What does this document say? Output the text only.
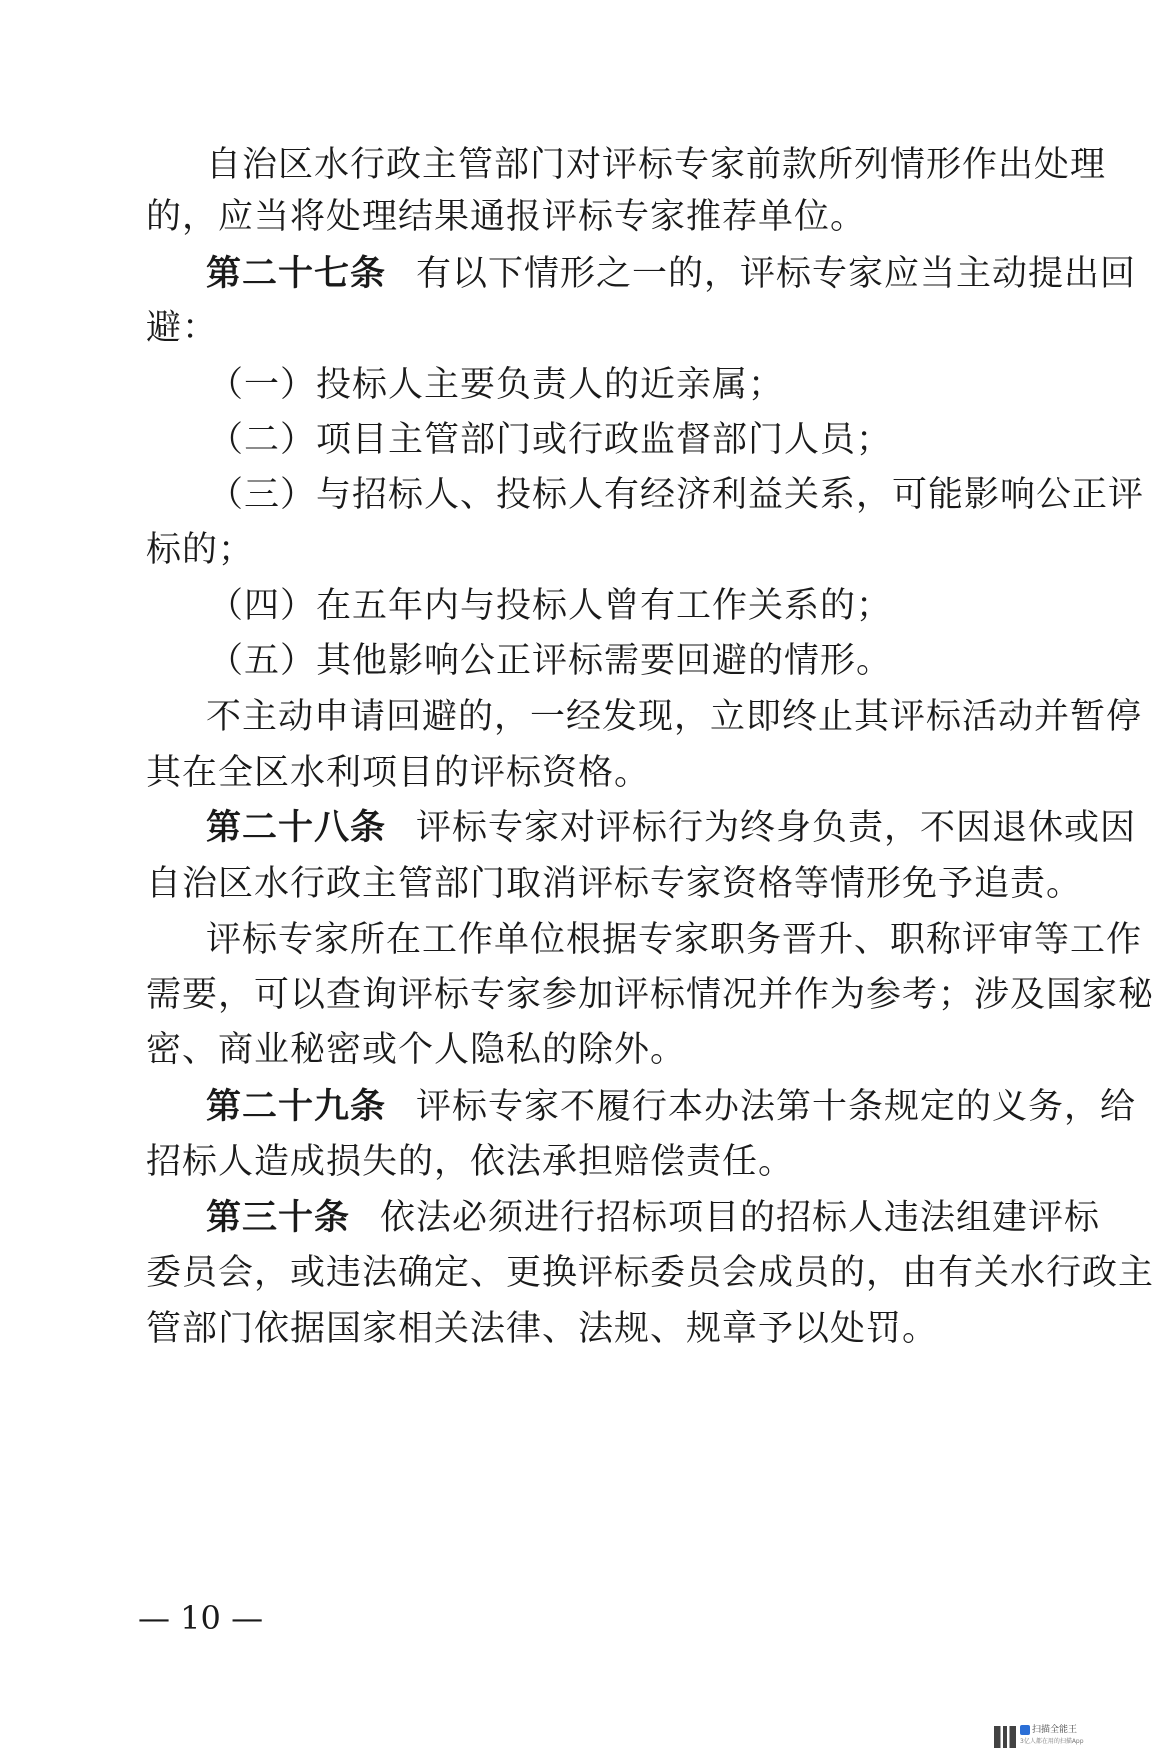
自治区水行政主管部门对评标专家前款所列情形作出处理
的，应当将处理结果通报评标专家推荐单位。
第二十七条 有以下情形之一的，评标专家应当主动提出回
避：
（一）投标人主要负责人的近亲属；
（二）项目主管部门或行政监督部门人员；
（三）与招标人、投标人有经济利益关系，可能影响公正评
标的；
（四）在五年内与投标人曾有工作关系的；
（五）其他影响公正评标需要回避的情形。
不主动申请回避的，一经发现，立即终止其评标活动并暂停
其在全区水利项目的评标资格。
第二十八条 评标专家对评标行为终身负责，不因退休或因
自治区水行政主管部门取消评标专家资格等情形免予追责。
评标专家所在工作单位根据专家职务晋升、职称评审等工作
需要，可以查询评标专家参加评标情况并作为参考；涉及国家秘
密、商业秘密或个人隐私的除外。
第二十九条 评标专家不履行本办法第十条规定的义务，给
招标人造成损失的，依法承担赔偿责任。
第三十条 依法必须进行招标项目的招标人违法组建评标
委员会，或违法确定、更换评标委员会成员的，由有关水行政主
管部门依据国家相关法律、法规、规章予以处罚。
— 10 —
扫描全能王
3亿人都在用的扫描App
